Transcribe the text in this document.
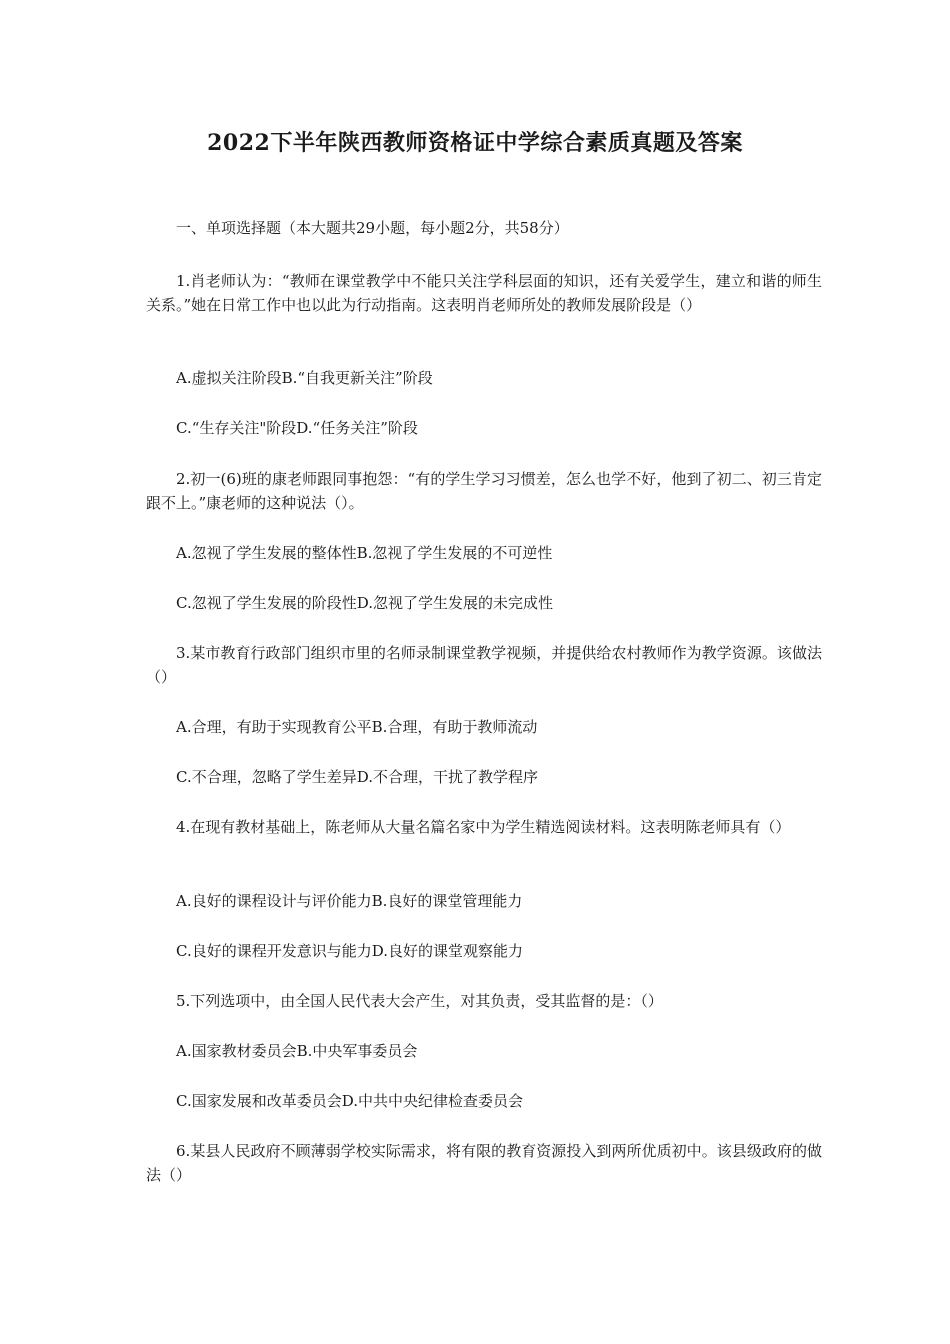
2022下半年陕西教师资格证中学综合素质真题及答案
一、单项选择题（本大题共29小题，每小题2分，共58分）
1.肖老师认为：“教师在课堂教学中不能只关注学科层面的知识，还有关爱学生，建立和谐的师生关系。”她在日常工作中也以此为行动指南。这表明肖老师所处的教师发展阶段是（）
A.虚拟关注阶段B.“自我更新关注”阶段
C.“生存关注"阶段D.“任务关注”阶段
2.初一(6)班的康老师跟同事抱怨：“有的学生学习习惯差，怎么也学不好，他到了初二、初三肯定跟不上。”康老师的这种说法（）。
A.忽视了学生发展的整体性B.忽视了学生发展的不可逆性
C.忽视了学生发展的阶段性D.忽视了学生发展的未完成性
3.某市教育行政部门组织市里的名师录制课堂教学视频，并提供给农村教师作为教学资源。该做法（）
A.合理，有助于实现教育公平B.合理，有助于教师流动
C.不合理，忽略了学生差异D.不合理，干扰了教学程序
4.在现有教材基础上，陈老师从大量名篇名家中为学生精选阅读材料。这表明陈老师具有（）
A.良好的课程设计与评价能力B.良好的课堂管理能力
C.良好的课程开发意识与能力D.良好的课堂观察能力
5.下列选项中，由全国人民代表大会产生，对其负责，受其监督的是：（）
A.国家教材委员会B.中央军事委员会
C.国家发展和改革委员会D.中共中央纪律检查委员会
6.某县人民政府不顾薄弱学校实际需求，将有限的教育资源投入到两所优质初中。该县级政府的做法（）
